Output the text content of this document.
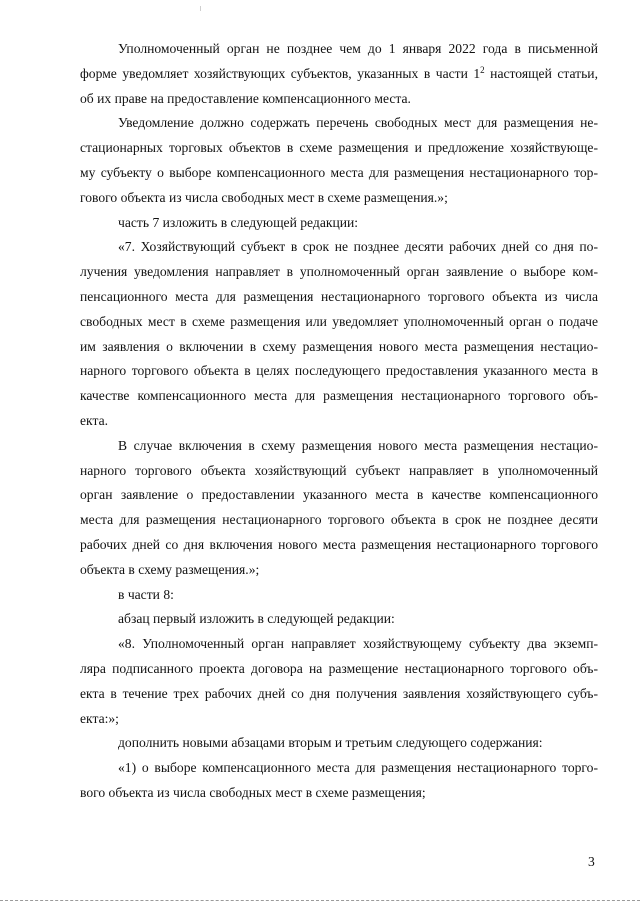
Уполномоченный орган не позднее чем до 1 января 2022 года в письменной
форме уведомляет хозяйствующих субъектов, указанных в части $1^2$ настоящей статьи,
об их праве на предоставление компенсационного места.

Уведомление должно содержать перечень свободных мест для размещения не-
стационарных торговых объектов в схеме размещения и предложение хозяйствующе-
му субъекту о выборе компенсационного места для размещения нестационарного тор-
гового объекта из числа свободных мест в схеме размещения.»;

часть 7 изложить в следующей редакции:

«7. Хозяйствующий субъект в срок не позднее десяти рабочих дней со дня по-
лучения уведомления направляет в уполномоченный орган заявление о выборе ком-
пенсационного места для размещения нестационарного торгового объекта из числа
свободных мест в схеме размещения или уведомляет уполномоченный орган о подаче
им заявления о включении в схему размещения нового места размещения нестацио-
нарного торгового объекта в целях последующего предоставления указанного места в
качестве компенсационного места для размещения нестационарного торгового объ-
екта.

В случае включения в схему размещения нового места размещения нестацио-
нарного торгового объекта хозяйствующий субъект направляет в уполномоченный
орган заявление о предоставлении указанного места в качестве компенсационного
места для размещения нестационарного торгового объекта в срок не позднее десяти
рабочих дней со дня включения нового места размещения нестационарного торгового
объекта в схему размещения.»;

в части 8:

абзац первый изложить в следующей редакции:

«8. Уполномоченный орган направляет хозяйствующему субъекту два экземп-
ляра подписанного проекта договора на размещение нестационарного торгового объ-
екта в течение трех рабочих дней со дня получения заявления хозяйствующего субъ-
екта:»;

дополнить новыми абзацами вторым и третьим следующего содержания:

«1) о выборе компенсационного места для размещения нестационарного торго-
вого объекта из числа свободных мест в схеме размещения;

3
